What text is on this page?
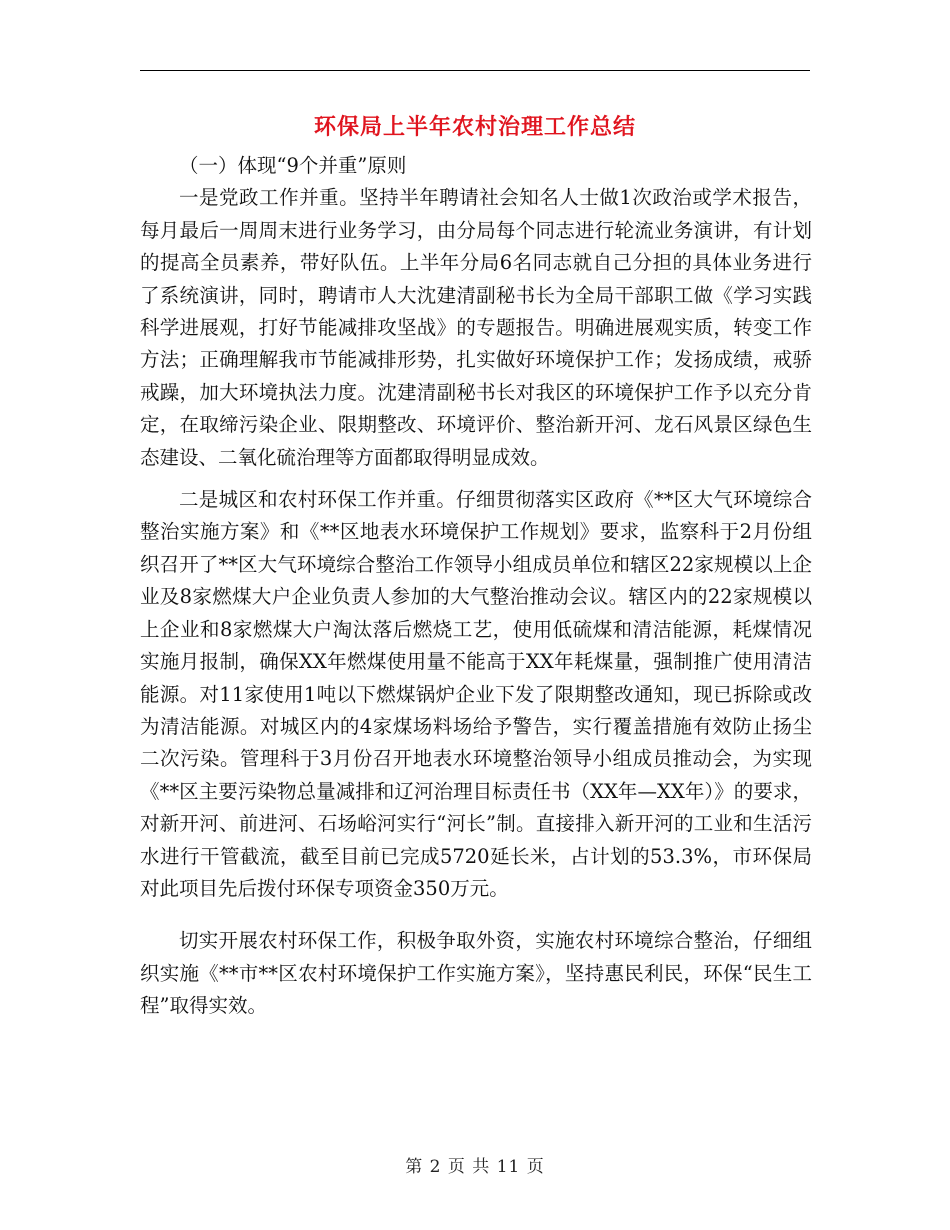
环保局上半年农村治理工作总结

（一）体现“9个并重”原则

一是党政工作并重。坚持半年聘请社会知名人士做1次政治或学术报告，每月最后一周周末进行业务学习，由分局每个同志进行轮流业务演讲，有计划的提高全员素养，带好队伍。上半年分局6名同志就自己分担的具体业务进行了系统演讲，同时，聘请市人大沈建清副秘书长为全局干部职工做《学习实践科学进展观，打好节能减排攻坚战》的专题报告。明确进展观实质，转变工作方法；正确理解我市节能减排形势，扎实做好环境保护工作；发扬成绩，戒骄戒躁，加大环境执法力度。沈建清副秘书长对我区的环境保护工作予以充分肯定，在取缔污染企业、限期整改、环境评价、整治新开河、龙石风景区绿色生态建设、二氧化硫治理等方面都取得明显成效。

二是城区和农村环保工作并重。仔细贯彻落实区政府《**区大气环境综合整治实施方案》和《**区地表水环境保护工作规划》要求，监察科于2月份组织召开了**区大气环境综合整治工作领导小组成员单位和辖区22家规模以上企业及8家燃煤大户企业负责人参加的大气整治推动会议。辖区内的22家规模以上企业和8家燃煤大户淘汰落后燃烧工艺，使用低硫煤和清洁能源，耗煤情况实施月报制，确保XX年燃煤使用量不能高于XX年耗煤量，强制推广使用清洁能源。对11家使用1吨以下燃煤锅炉企业下发了限期整改通知，现已拆除或改为清洁能源。对城区内的4家煤场料场给予警告，实行覆盖措施有效防止扬尘二次污染。管理科于3月份召开地表水环境整治领导小组成员推动会，为实现《**区主要污染物总量减排和辽河治理目标责任书（XX年—XX年）》的要求，对新开河、前进河、石场峪河实行“河长”制。直接排入新开河的工业和生活污水进行干管截流，截至目前已完成5720延长米，占计划的53.3%，市环保局对此项目先后拨付环保专项资金350万元。

切实开展农村环保工作，积极争取外资，实施农村环境综合整治，仔细组织实施《**市**区农村环境保护工作实施方案》，坚持惠民利民，环保“民生工程”取得实效。

第 2 页 共 11 页
